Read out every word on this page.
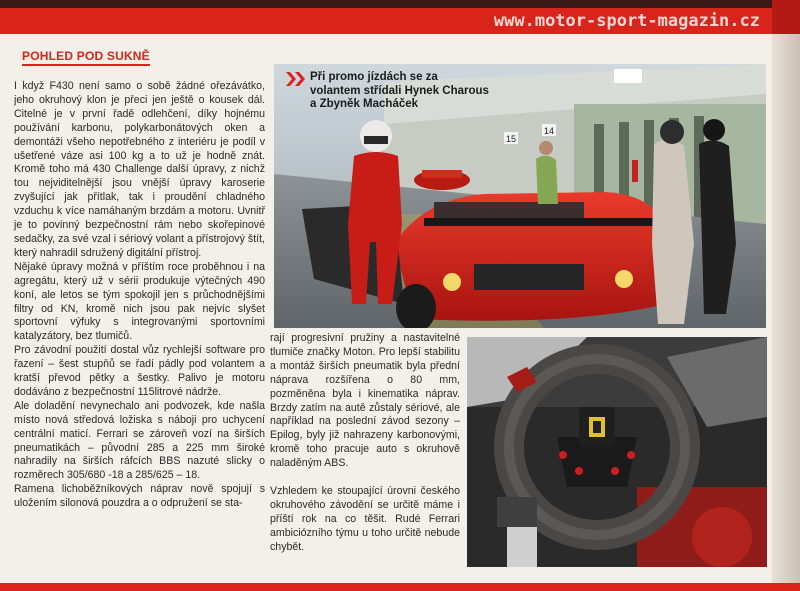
www.motor-sport-magazin.cz
POHLED POD SUKNĚ

I když F430 není samo o sobě žádné ořezávátko, jeho okruhový klon je přeci jen ještě o kousek dál. Citelné je v první řadě odlehčení, díky hojnému používání karbonu, polykarbonátových oken a demontáži všeho nepotřebného z interiéru je podíl v ušetřené váze asi 100 kg a to už je hodně znát. Kromě toho má 430 Challenge další úpravy, z nichž tou nejviditelnější jsou vnější úpravy karoserie zvyšující jak přítlak, tak i proudění chladného vzduchu k více namáhaným brzdám a motoru. Uvnitř je to povinný bezpečnostní rám nebo skořepinové sedačky, za své vzal i sériový volant a přístrojový štít, který nahradil sdružený digitální přístroj.

Nějaké úpravy možná v příštím roce proběhnou i na agregátu, který už v sérii produkuje výtečných 490 koní, ale letos se tým spokojil jen s průchodnějšími filtry od KN, kromě nich jsou pak nejvíc slyšet sportovní výfuky s integrovanými sportovními katalyzátory, bez tlumičů.

Pro závodní použití dostal vůz rychlejší software pro řazení – šest stupňů se řadí pádly pod volantem a kratší převod pětky a šestky. Palivo je motoru dodáváno z bezpečnostní 115litrové nádrže.

Ale doladění nevynechalo ani podvozek, kde našla místo nová středová ložiska s náboji pro uchycení centrální maticí. Ferrari se zároveň vozí na širších pneumatikách – původní 285 a 225 mm široké nahradily na širších ráfcích BBS nazuté slicky o rozměrech 305/680 -18 a 285/625 – 18.

Ramena lichoběžníkových náprav nově spojují s uložením silonová pouzdra a o odpružení se sta-

14
15
Při promo jízdách se za volantem střídali Hynek Charous a Zbyněk Macháček

rají progresivní pružiny a nastavitelné tlumiče značky Moton. Pro lepší stabilitu a montáž širších pneumatik byla přední náprava rozšířena o 80 mm, pozměněna byla i kinematika náprav. Brzdy zatím na autě zůstaly sériové, ale například na poslední závod sezony – Epilog, byly již nahrazeny karbonovými, kromě toho pracuje auto s okruhově naladěným ABS.

Vzhledem ke stoupající úrovni českého okruhového závodění se určitě máme i příští rok na co těšit. Rudé Ferrari ambiciózního týmu u toho určitě nebude chybět.
